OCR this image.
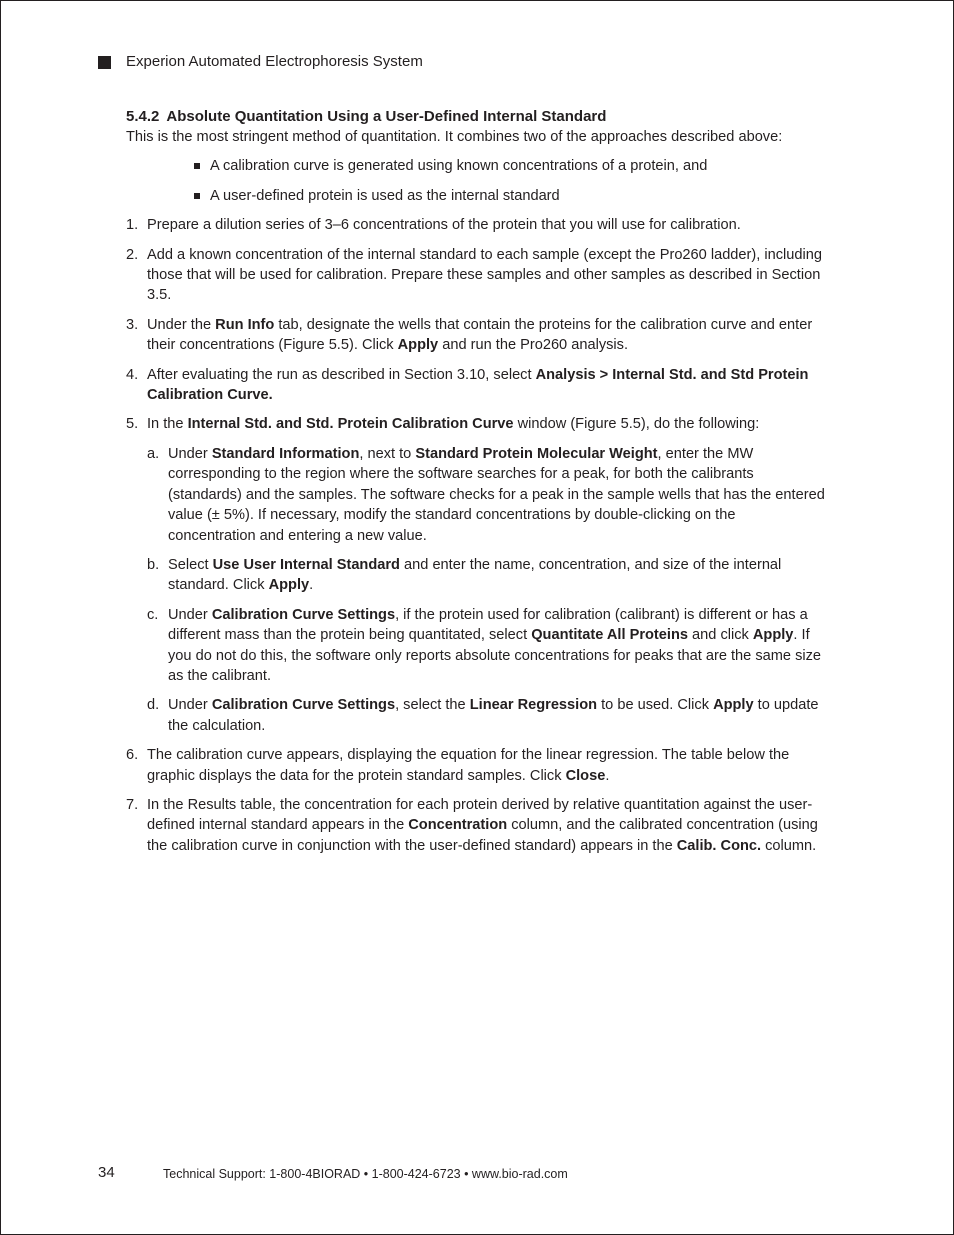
Experion Automated Electrophoresis System
5.4.2 Absolute Quantitation Using a User-Defined Internal Standard

This is the most stringent method of quantitation. It combines two of the approaches described above:

A calibration curve is generated using known concentrations of a protein, and
A user-defined protein is used as the internal standard
1. Prepare a dilution series of 3–6 concentrations of the protein that you will use for calibration.
2. Add a known concentration of the internal standard to each sample (except the Pro260 ladder), including those that will be used for calibration. Prepare these samples and other samples as described in Section 3.5.
3. Under the Run Info tab, designate the wells that contain the proteins for the calibration curve and enter their concentrations (Figure 5.5). Click Apply and run the Pro260 analysis.
4. After evaluating the run as described in Section 3.10, select Analysis > Internal Std. and Std Protein Calibration Curve.
5. In the Internal Std. and Std. Protein Calibration Curve window (Figure 5.5), do the following:
a. Under Standard Information, next to Standard Protein Molecular Weight, enter the MW corresponding to the region where the software searches for a peak, for both the calibrants (standards) and the samples. The software checks for a peak in the sample wells that has the entered value (± 5%). If necessary, modify the standard concentrations by double-clicking on the concentration and entering a new value.
b. Select Use User Internal Standard and enter the name, concentration, and size of the internal standard. Click Apply.
c. Under Calibration Curve Settings, if the protein used for calibration (calibrant) is different or has a different mass than the protein being quantitated, select Quantitate All Proteins and click Apply. If you do not do this, the software only reports absolute concentrations for peaks that are the same size as the calibrant.
d. Under Calibration Curve Settings, select the Linear Regression to be used. Click Apply to update the calculation.
6. The calibration curve appears, displaying the equation for the linear regression. The table below the graphic displays the data for the protein standard samples. Click Close.
7. In the Results table, the concentration for each protein derived by relative quantitation against the user-defined internal standard appears in the Concentration column, and the calibrated concentration (using the calibration curve in conjunction with the user-defined standard) appears in the Calib. Conc. column.
34	Technical Support: 1-800-4BIORAD • 1-800-424-6723 • www.bio-rad.com
